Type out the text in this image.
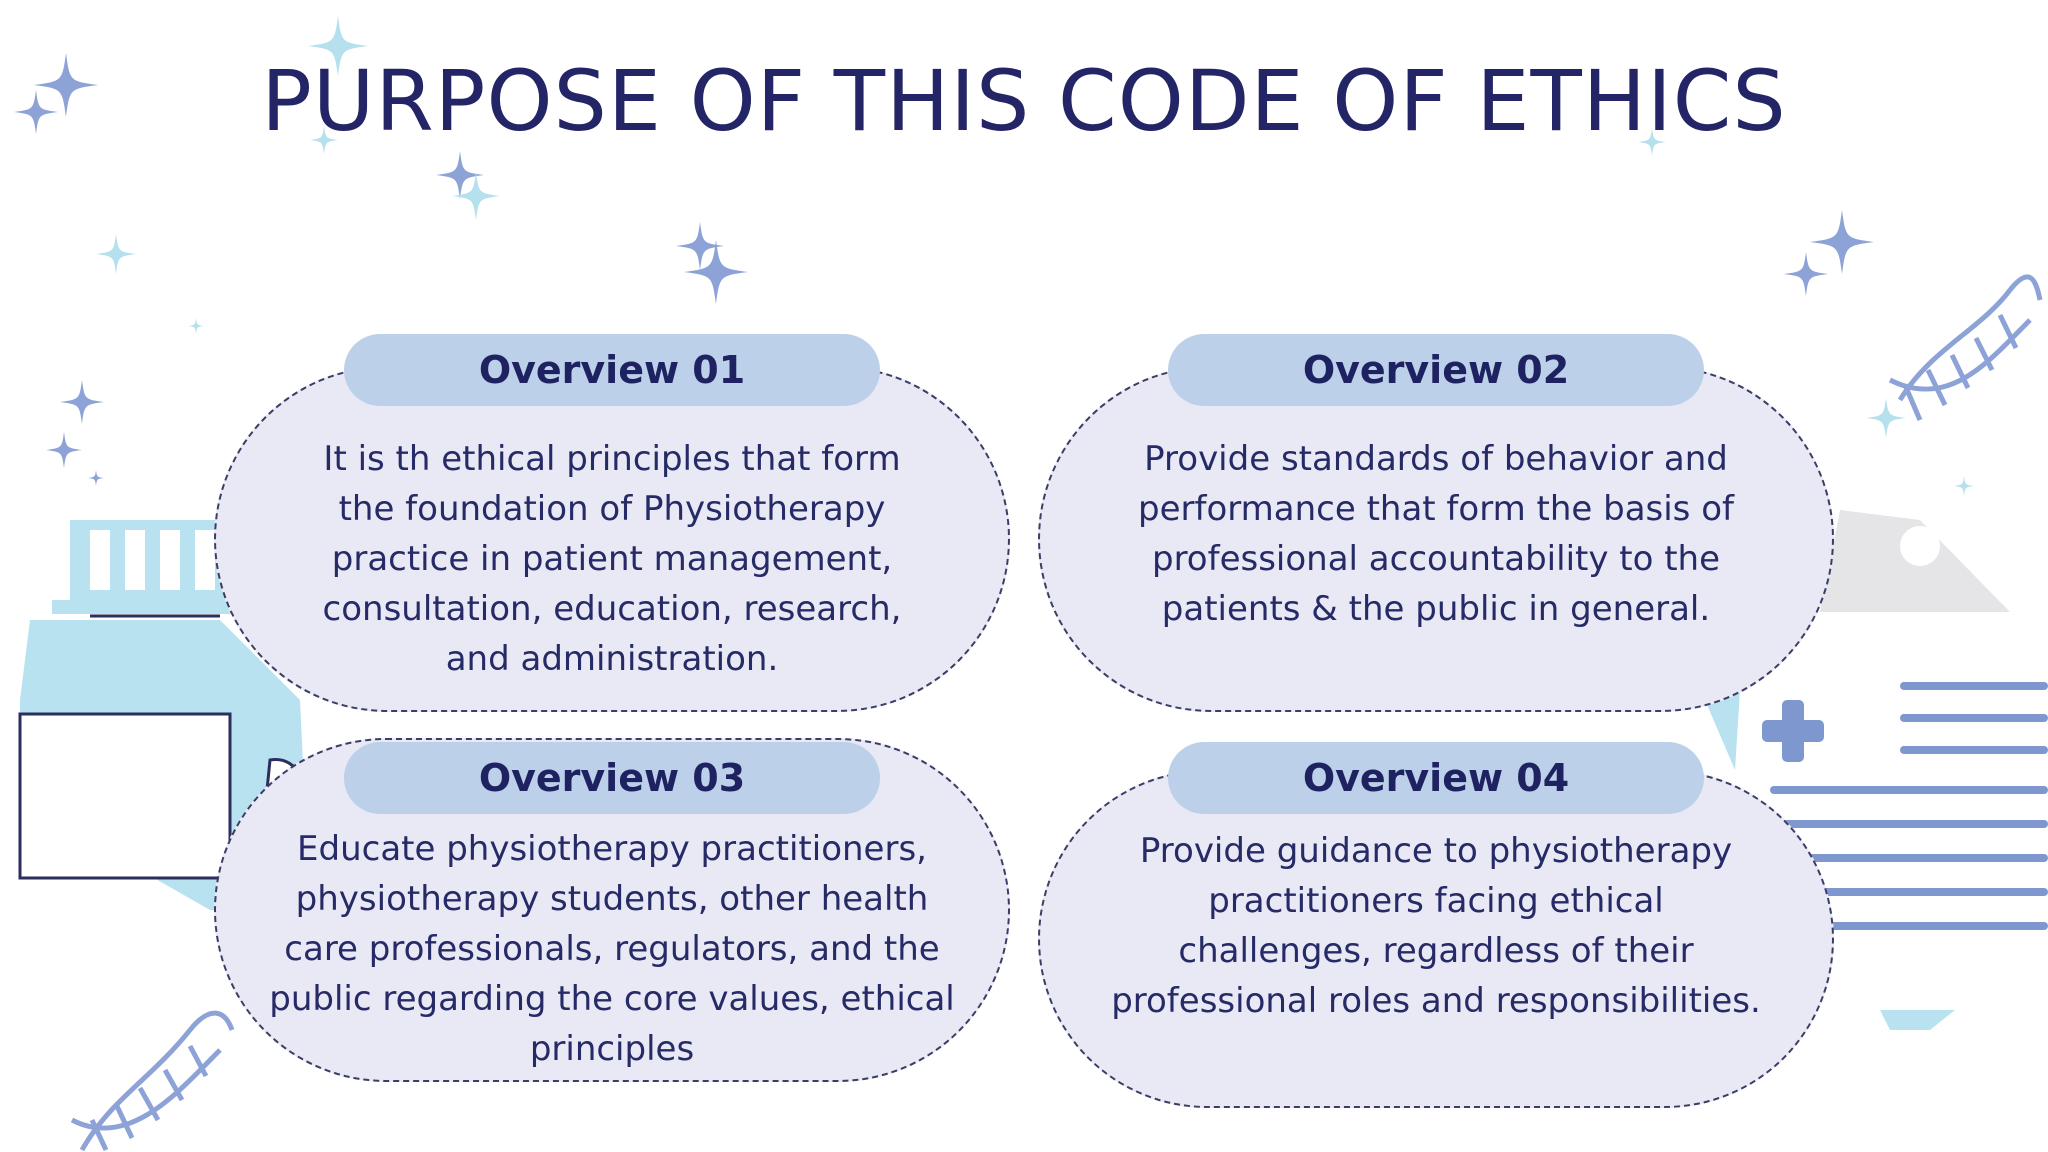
PURPOSE OF THIS CODE OF ETHICS

It is th ethical principles that form the foundation of Physiotherapy practice in patient management, consultation, education, research, and administration.

Overview 01

Provide standards of behavior and performance that form the basis of professional accountability to the patients & the public in general.

Overview 02

Educate physiotherapy practitioners, physiotherapy students, other health care professionals, regulators, and the public regarding the core values, ethical principles

Overview 03

Provide guidance to physiotherapy practitioners facing ethical challenges, regardless of their professional roles and responsibilities.

Overview 04
